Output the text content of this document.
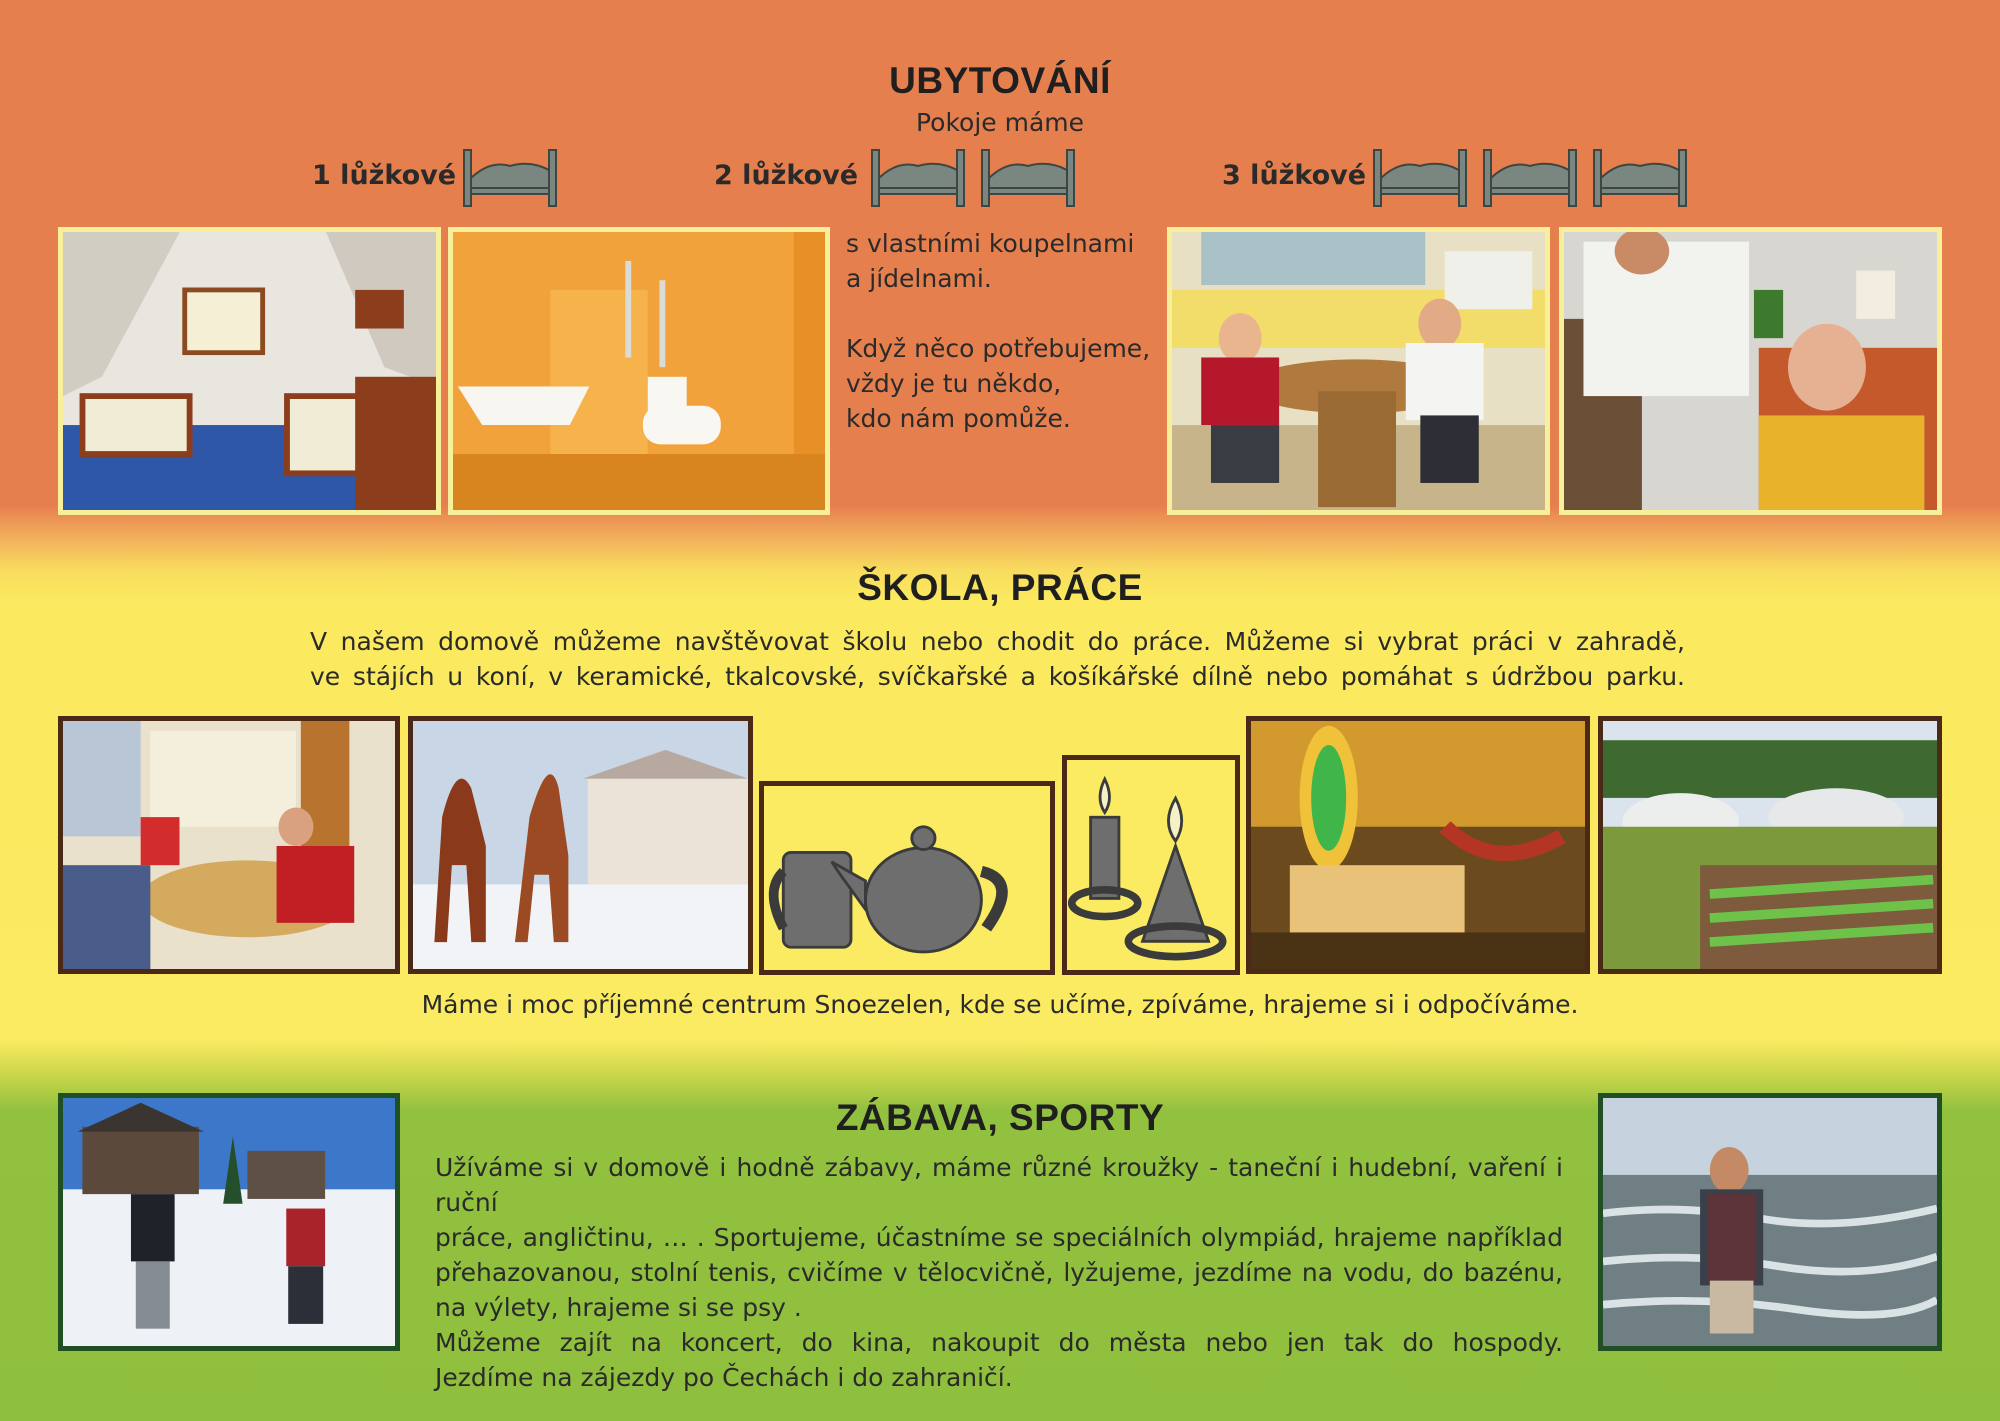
UBYTOVÁNÍ
Pokoje máme
1 lůžkové	2 lůžkové	3 lůžkové
s vlastními koupelnami
a jídelnami.
Když něco potřebujeme,
vždy je tu někdo,
kdo nám pomůže.
ŠKOLA, PRÁCE
V našem domově můžeme navštěvovat školu nebo chodit do práce. Můžeme si vybrat práci v zahradě,
ve stájích u koní, v keramické, tkalcovské, svíčkařské a košíkářské dílně nebo pomáhat s údržbou parku.
Máme i moc příjemné centrum Snoezelen, kde se učíme, zpíváme, hrajeme si i odpočíváme.
ZÁBAVA, SPORTY
Užíváme si v domově i hodně zábavy, máme různé kroužky - taneční i hudební, vaření i ruční
práce, angličtinu, … . Sportujeme, účastníme se speciálních olympiád, hrajeme například
přehazovanou, stolní tenis, cvičíme v tělocvičně, lyžujeme, jezdíme na vodu, do bazénu,
na výlety, hrajeme si se psy .
Můžeme zajít na koncert, do kina, nakoupit do města nebo jen tak do hospody.
Jezdíme na zájezdy po Čechách i do zahraničí.
